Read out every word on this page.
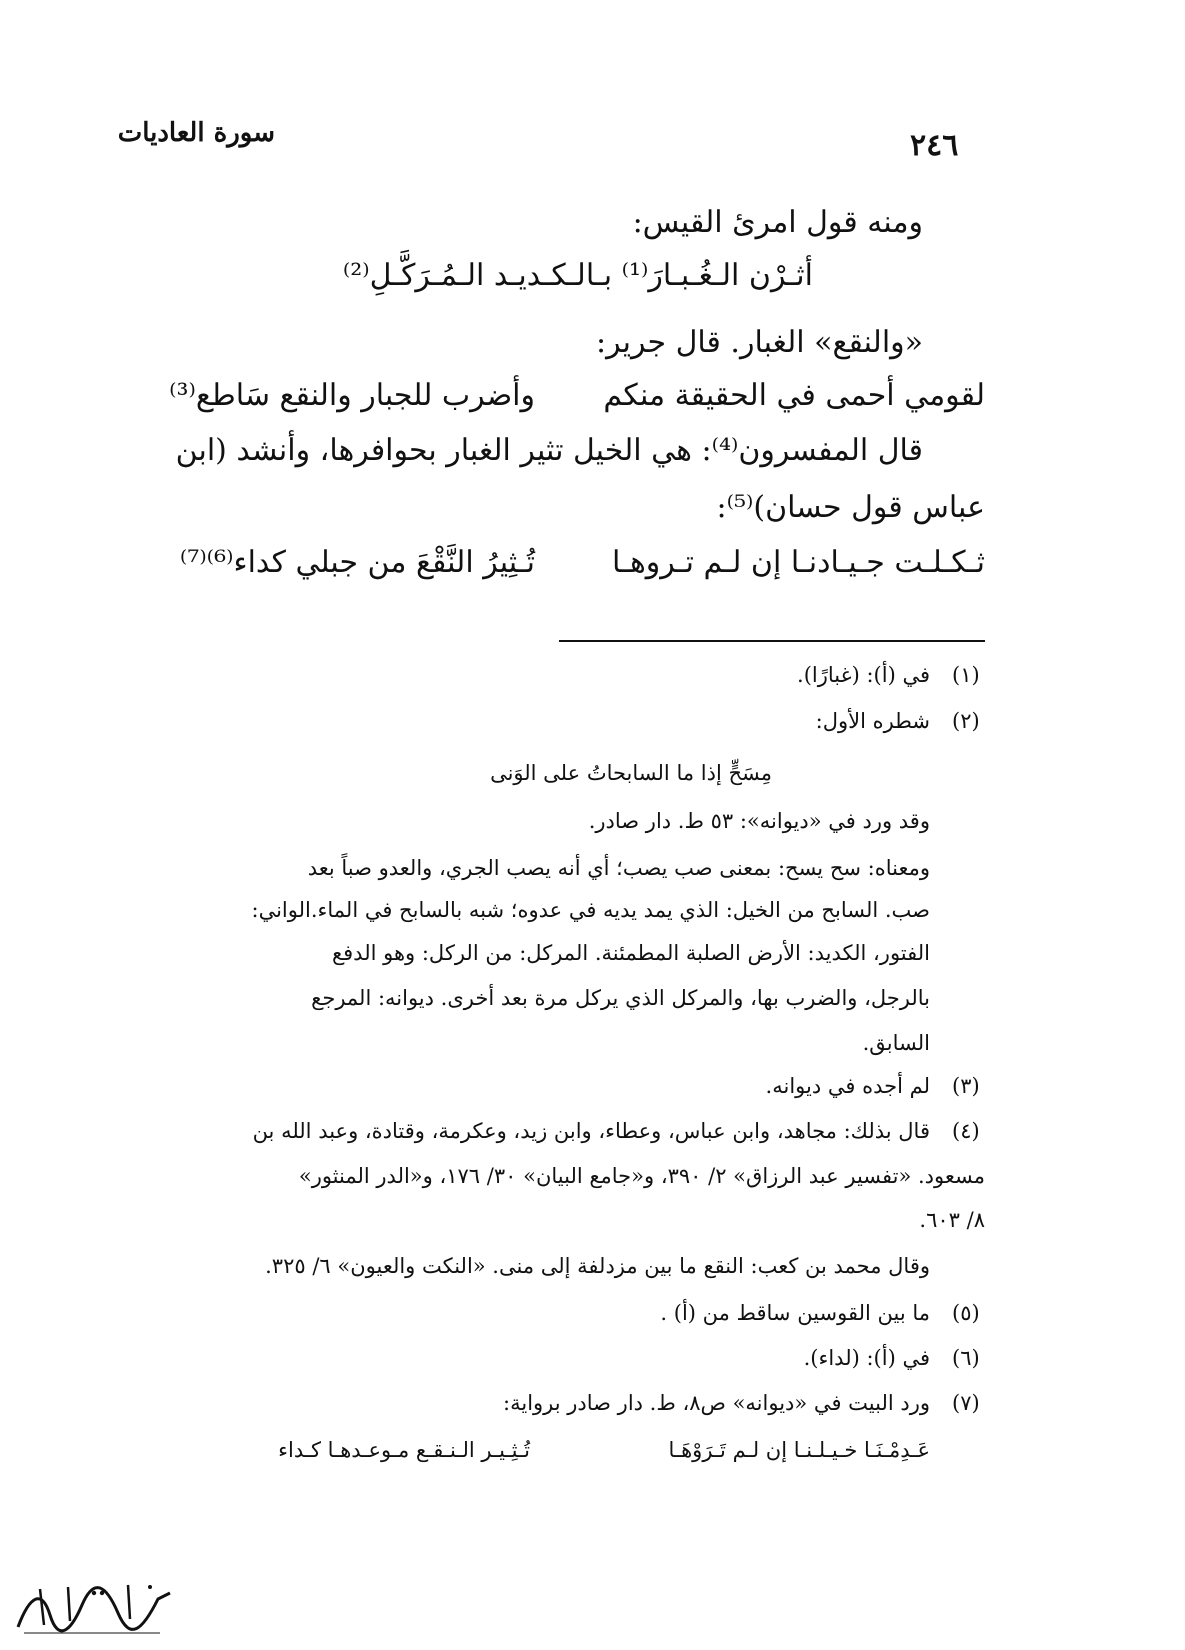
سورة العاديات	٢٤٦
ومنه قول امرئ القيس:
أثـرْن الـغُـبـارَ⁽¹⁾ بـالـكـديـد الـمُـرَكَّـلِ⁽²⁾
«والنقع» الغبار. قال جرير:
لقومي أحمى في الحقيقة منكم
وأضرب للجبار والنقع سَاطع⁽³⁾
قال المفسرون⁽⁴⁾: هي الخيل تثير الغبار بحوافرها، وأنشد (ابن
عباس قول حسان)⁽⁵⁾:
ثـكـلـت جـيـادنـا إن لـم تـروهـا
تُـثِيرُ النَّقْعَ من جبلي كداء⁽⁶⁾⁽⁷⁾
(١)
في (أ): (غبارًا).
(٢)
شطره الأول:
مِسَحٍّ إذا ما السابحاتُ على الوَنى
وقد ورد في «ديوانه»: ٥٣ ط. دار صادر.
ومعناه: سح يسح: بمعنى صب يصب؛ أي أنه يصب الجري، والعدو صباً بعد
صب. السابح من الخيل: الذي يمد يديه في عدوه؛ شبه بالسابح في الماء.الواني:
الفتور، الكديد: الأرض الصلبة المطمئنة. المركل: من الركل: وهو الدفع
بالرجل، والضرب بها، والمركل الذي يركل مرة بعد أخرى. ديوانه: المرجع
السابق.
(٣)
لم أجده في ديوانه.
(٤)
قال بذلك: مجاهد، وابن عباس، وعطاء، وابن زيد، وعكرمة، وقتادة، وعبد الله بن
مسعود. «تفسير عبد الرزاق» ٢/ ٣٩٠، و«جامع البيان» ٣٠/ ١٧٦، و«الدر المنثور»
٨/ ٦٠٣.
وقال محمد بن كعب: النقع ما بين مزدلفة إلى منى. «النكت والعيون» ٦/ ٣٢٥.
(٥)
ما بين القوسين ساقط من (أ) .
(٦)
في (أ): (لداء).
(٧)
ورد البيت في «ديوانه» ص٨، ط. دار صادر برواية:
عَـدِمْـنَـا خـيـلـنـا إن لـم تَـرَوْهَـا
تُـثِـيـر الـنـقـع مـوعـدهـا كـداء
